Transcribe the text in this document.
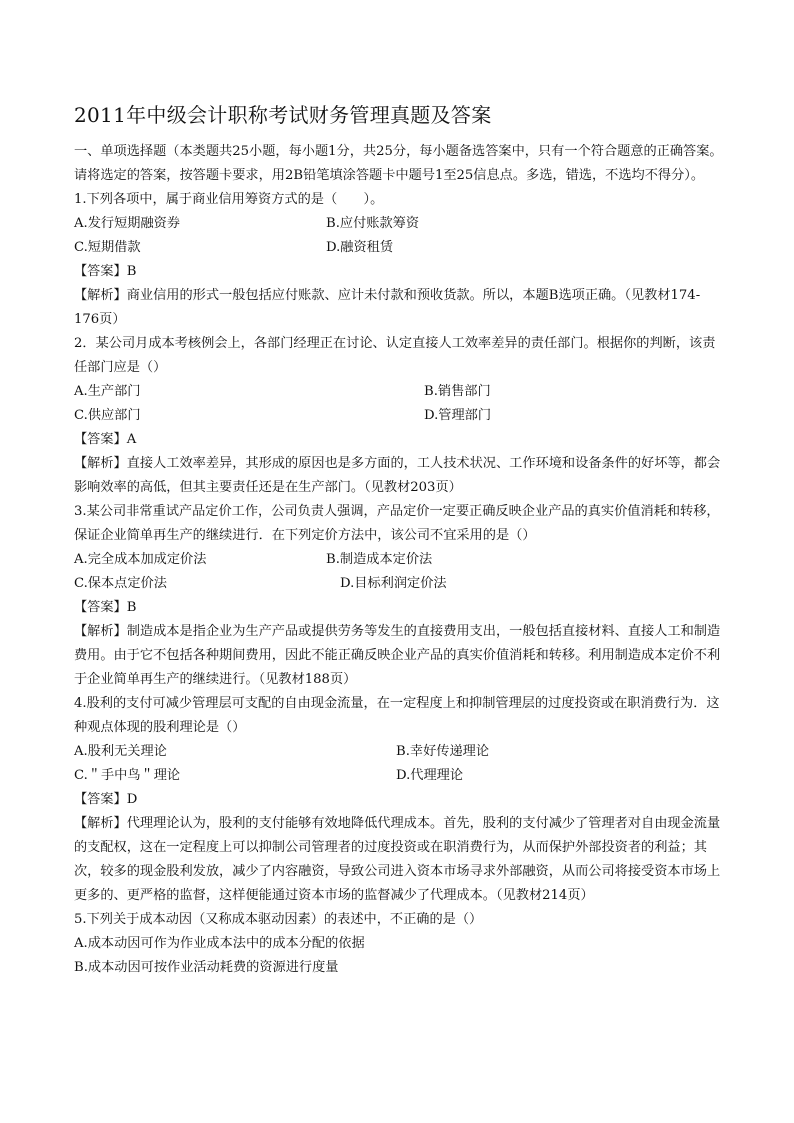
2011年中级会计职称考试财务管理真题及答案

一、单项选择题（本类题共25小题，每小题1分，共25分，每小题备选答案中，只有一个符合题意的正确答案。请将选定的答案，按答题卡要求，用2B铅笔填涂答题卡中题号1至25信息点。多选，错选，不选均不得分）。

1.下列各项中，属于商业信用筹资方式的是（　　）。

A.发行短期融资券	B.应付账款筹资
C.短期借款	D.融资租赁

【答案】B

【解析】商业信用的形式一般包括应付账款、应计未付款和预收货款。所以，本题B选项正确。（见教材174-176页）

2．某公司月成本考核例会上，各部门经理正在讨论、认定直接人工效率差异的责任部门。根据你的判断，该责任部门应是（）

A.生产部门	B.销售部门
C.供应部门	D.管理部门

【答案】A

【解析】直接人工效率差异，其形成的原因也是多方面的，工人技术状况、工作环境和设备条件的好坏等，都会影响效率的高低，但其主要责任还是在生产部门。（见教材203页）

3.某公司非常重试产品定价工作，公司负责人强调，产品定价一定要正确反映企业产品的真实价值消耗和转移，保证企业简单再生产的继续进行．在下列定价方法中，该公司不宜采用的是（）

A.完全成本加成定价法	B.制造成本定价法
C.保本点定价法	D.目标利润定价法

【答案】B

【解析】制造成本是指企业为生产产品或提供劳务等发生的直接费用支出，一般包括直接材料、直接人工和制造费用。由于它不包括各种期间费用，因此不能正确反映企业产品的真实价值消耗和转移。利用制造成本定价不利于企业简单再生产的继续进行。（见教材188页）

4.股利的支付可减少管理层可支配的自由现金流量，在一定程度上和抑制管理层的过度投资或在职消费行为．这种观点体现的股利理论是（）

A.股利无关理论	B.幸好传递理论
C.＂手中鸟＂理论	D.代理理论

【答案】D

【解析】代理理论认为，股利的支付能够有效地降低代理成本。首先，股利的支付减少了管理者对自由现金流量的支配权，这在一定程度上可以抑制公司管理者的过度投资或在职消费行为，从而保护外部投资者的利益；其次，较多的现金股利发放，减少了内容融资，导致公司进入资本市场寻求外部融资，从而公司将接受资本市场上更多的、更严格的监督，这样便能通过资本市场的监督减少了代理成本。（见教材214页）

5.下列关于成本动因（又称成本驱动因素）的表述中，不正确的是（）

A.成本动因可作为作业成本法中的成本分配的依据

B.成本动因可按作业活动耗费的资源进行度量
